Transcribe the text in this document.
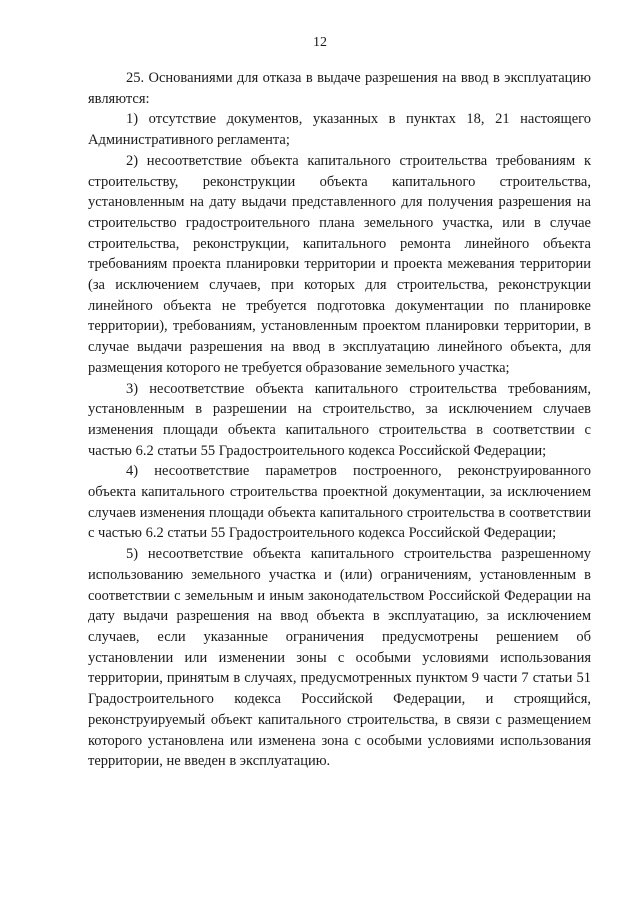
12

25. Основаниями для отказа в выдаче разрешения на ввод в эксплуатацию являются:

1) отсутствие документов, указанных в пунктах 18, 21 настоящего Административного регламента;

2) несоответствие объекта капитального строительства требованиям к строительству, реконструкции объекта капитального строительства, установленным на дату выдачи представленного для получения разрешения на строительство градостроительного плана земельного участка, или в случае строительства, реконструкции, капитального ремонта линейного объекта требованиям проекта планировки территории и проекта межевания территории (за исключением случаев, при которых для строительства, реконструкции линейного объекта не требуется подготовка документации по планировке территории), требованиям, установленным проектом планировки территории, в случае выдачи разрешения на ввод в эксплуатацию линейного объекта, для размещения которого не требуется образование земельного участка;

3) несоответствие объекта капитального строительства требованиям, установленным в разрешении на строительство, за исключением случаев изменения площади объекта капитального строительства в соответствии с частью 6.2 статьи 55 Градостроительного кодекса Российской Федерации;

4) несоответствие параметров построенного, реконструированного объекта капитального строительства проектной документации, за исключением случаев изменения площади объекта капитального строительства в соответствии с частью 6.2 статьи 55 Градостроительного кодекса Российской Федерации;

5) несоответствие объекта капитального строительства разрешенному использованию земельного участка и (или) ограничениям, установленным в соответствии с земельным и иным законодательством Российской Федерации на дату выдачи разрешения на ввод объекта в эксплуатацию, за исключением случаев, если указанные ограничения предусмотрены решением об установлении или изменении зоны с особыми условиями использования территории, принятым в случаях, предусмотренных пунктом 9 части 7 статьи 51 Градостроительного кодекса Российской Федерации, и строящийся, реконструируемый объект капитального строительства, в связи с размещением которого установлена или изменена зона с особыми условиями использования территории, не введен в эксплуатацию.
